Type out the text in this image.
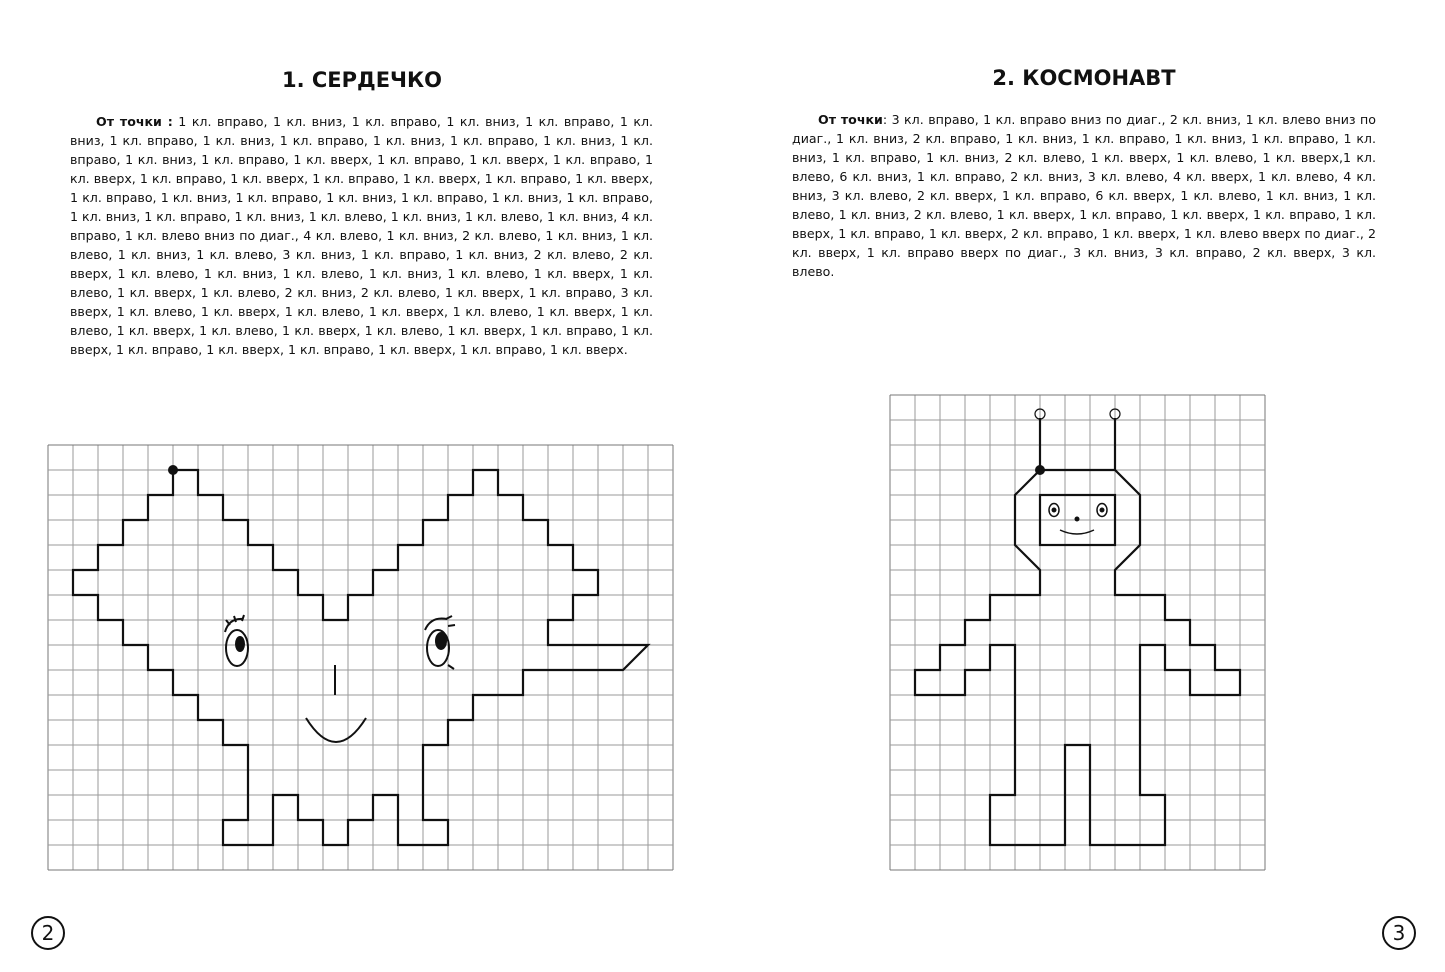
1. СЕРДЕЧКО
От точки : 1 кл. вправо, 1 кл. вниз, 1 кл. вправо, 1 кл. вниз, 1 кл. вправо, 1 кл. вниз, 1 кл. вправо, 1 кл. вниз, 1 кл. вправо, 1 кл. вниз, 1 кл. вправо, 1 кл. вниз, 1 кл. вправо, 1 кл. вниз, 1 кл. вправо, 1 кл. вверх, 1 кл. вправо, 1 кл. вверх, 1 кл. вправо, 1 кл. вверх, 1 кл. вправо, 1 кл. вверх, 1 кл. вправо, 1 кл. вверх, 1 кл. вправо, 1 кл. вверх, 1 кл. вправо, 1 кл. вниз, 1 кл. вправо, 1 кл. вниз, 1 кл. вправо, 1 кл. вниз, 1 кл. вправо, 1 кл. вниз, 1 кл. вправо, 1 кл. вниз, 1 кл. влево, 1 кл. вниз, 1 кл. влево, 1 кл. вниз, 4 кл. вправо, 1 кл. влево вниз по диаг., 4 кл. влево, 1 кл. вниз, 2 кл. влево, 1 кл. вниз, 1 кл. влево, 1 кл. вниз, 1 кл. влево, 3 кл. вниз, 1 кл. вправо, 1 кл. вниз, 2 кл. влево, 2 кл. вверх, 1 кл. влево, 1 кл. вниз, 1 кл. влево, 1 кл. вниз, 1 кл. влево, 1 кл. вверх, 1 кл. влево, 1 кл. вверх, 1 кл. влево, 2 кл. вниз, 2 кл. влево, 1 кл. вверх, 1 кл. вправо, 3 кл. вверх, 1 кл. влево, 1 кл. вверх, 1 кл. влево, 1 кл. вверх, 1 кл. влево, 1 кл. вверх, 1 кл. влево, 1 кл. вверх, 1 кл. влево, 1 кл. вверх, 1 кл. влево, 1 кл. вверх, 1 кл. вправо, 1 кл. вверх, 1 кл. вправо, 1 кл. вверх, 1 кл. вправо, 1 кл. вверх, 1 кл. вправо, 1 кл. вверх.
2. КОСМОНАВТ
От точки: 3 кл. вправо, 1 кл. вправо вниз по диаг., 2 кл. вниз, 1 кл. влево вниз по диаг., 1 кл. вниз, 2 кл. вправо, 1 кл. вниз, 1 кл. вправо, 1 кл. вниз, 1 кл. вправо, 1 кл. вниз, 1 кл. вправо, 1 кл. вниз, 2 кл. влево, 1 кл. вверх, 1 кл. влево, 1 кл. вверх,1 кл. влево, 6 кл. вниз, 1 кл. вправо, 2 кл. вниз, 3 кл. влево, 4 кл. вверх, 1 кл. влево, 4 кл. вниз, 3 кл. влево, 2 кл. вверх, 1 кл. вправо, 6 кл. вверх, 1 кл. влево, 1 кл. вниз, 1 кл. влево, 1 кл. вниз, 2 кл. влево, 1 кл. вверх, 1 кл. вправо, 1 кл. вверх, 1 кл. вправо, 1 кл. вверх, 1 кл. вправо, 1 кл. вверх, 2 кл. вправо, 1 кл. вверх, 1 кл. влево вверх по диаг., 2 кл. вверх, 1 кл. вправо вверх по диаг., 3 кл. вниз, 3 кл. вправо, 2 кл. вверх, 3 кл. влево.
2	3
